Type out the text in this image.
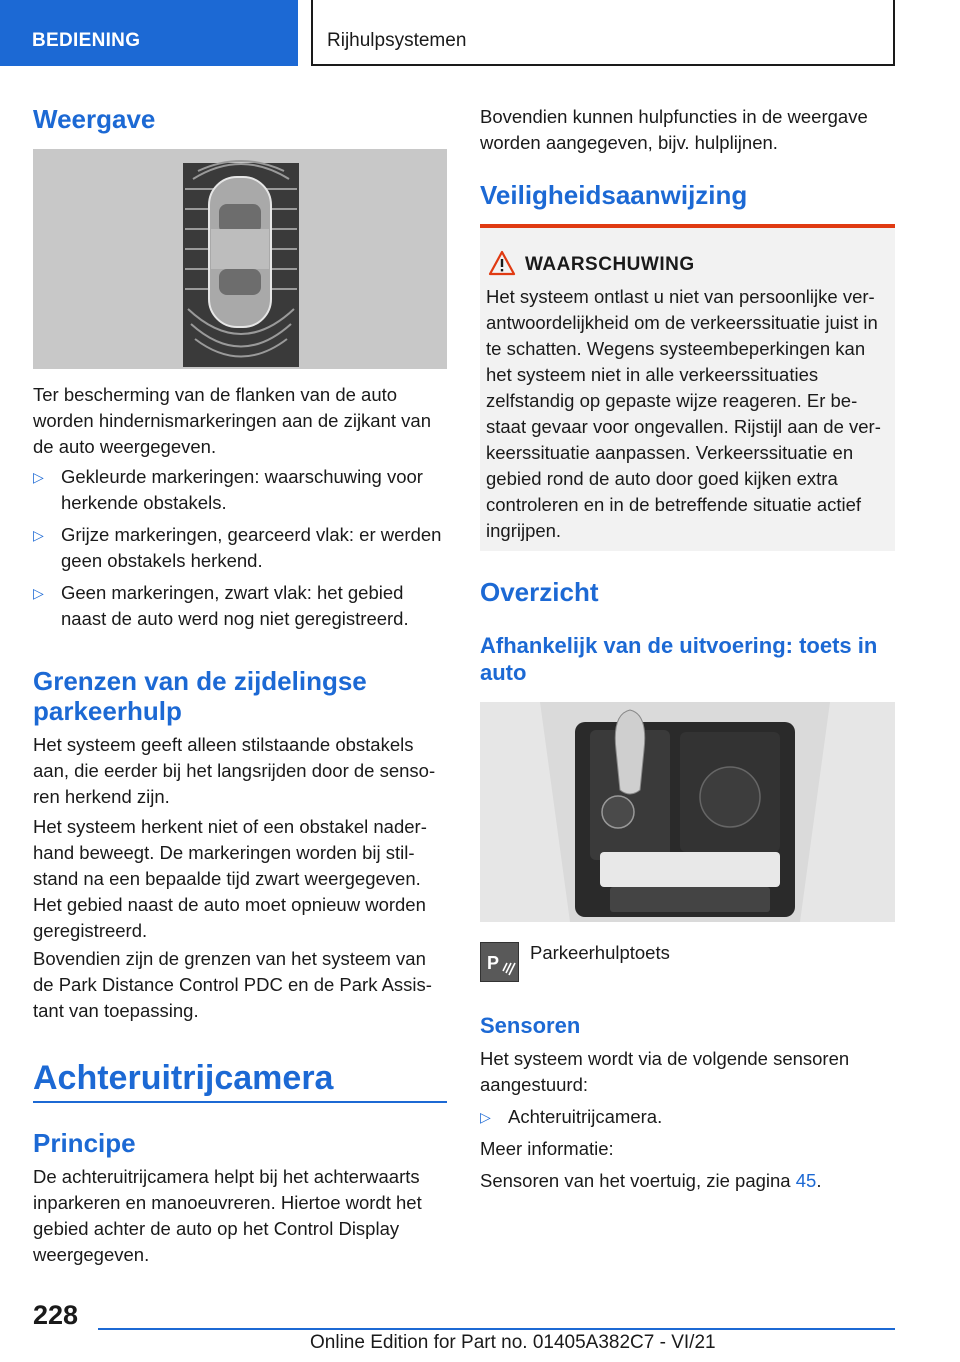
BEDIENING	Rijhulpsystemen
Weergave
Ter bescherming van de flanken van de auto worden hindernismarkeringen aan de zijkant van de auto weergegeven.
▷ Gekleurde markeringen: waarschuwing voor herkende obstakels.
▷ Grijze markeringen, gearceerd vlak: er werden geen obstakels herkend.
▷ Geen markeringen, zwart vlak: het gebied naast de auto werd nog niet geregistreerd.
Grenzen van de zijdelingse parkeerhulp
Het systeem geeft alleen stilstaande obstakels aan, die eerder bij het langsrijden door de senso-ren herkend zijn.
Het systeem herkent niet of een obstakel nader-hand beweegt. De markeringen worden bij stil-stand na een bepaalde tijd zwart weergegeven. Het gebied naast de auto moet opnieuw worden geregistreerd.
Bovendien zijn de grenzen van het systeem van de Park Distance Control PDC en de Park Assis-tant van toepassing.
Achteruitrijcamera
Principe
De achteruitrijcamera helpt bij het achterwaarts inparkeren en manoeuvreren. Hiertoe wordt het gebied achter de auto op het Control Display weergegeven.
Bovendien kunnen hulpfuncties in de weergave worden aangegeven, bijv. hulplijnen.
Veiligheidsaanwijzing
WAARSCHUWING
Het systeem ontlast u niet van persoonlijke ver-antwoordelijkheid om de verkeerssituatie juist in te schatten. Wegens systeembeperkingen kan het systeem niet in alle verkeerssituaties zelfstandig op gepaste wijze reageren. Er be-staat gevaar voor ongevallen. Rijstijl aan de ver-keerssituatie aanpassen. Verkeerssituatie en gebied rond de auto door goed kijken extra controleren en in de betreffende situatie actief ingrijpen.
Overzicht
Afhankelijk van de uitvoering: toets in auto
P Parkeerhulptoets
Sensoren
Het systeem wordt via de volgende sensoren aangestuurd:
▷ Achteruitrijcamera.
Meer informatie:
Sensoren van het voertuig, zie pagina 45.
228
Online Edition for Part no. 01405A382C7 - VI/21
